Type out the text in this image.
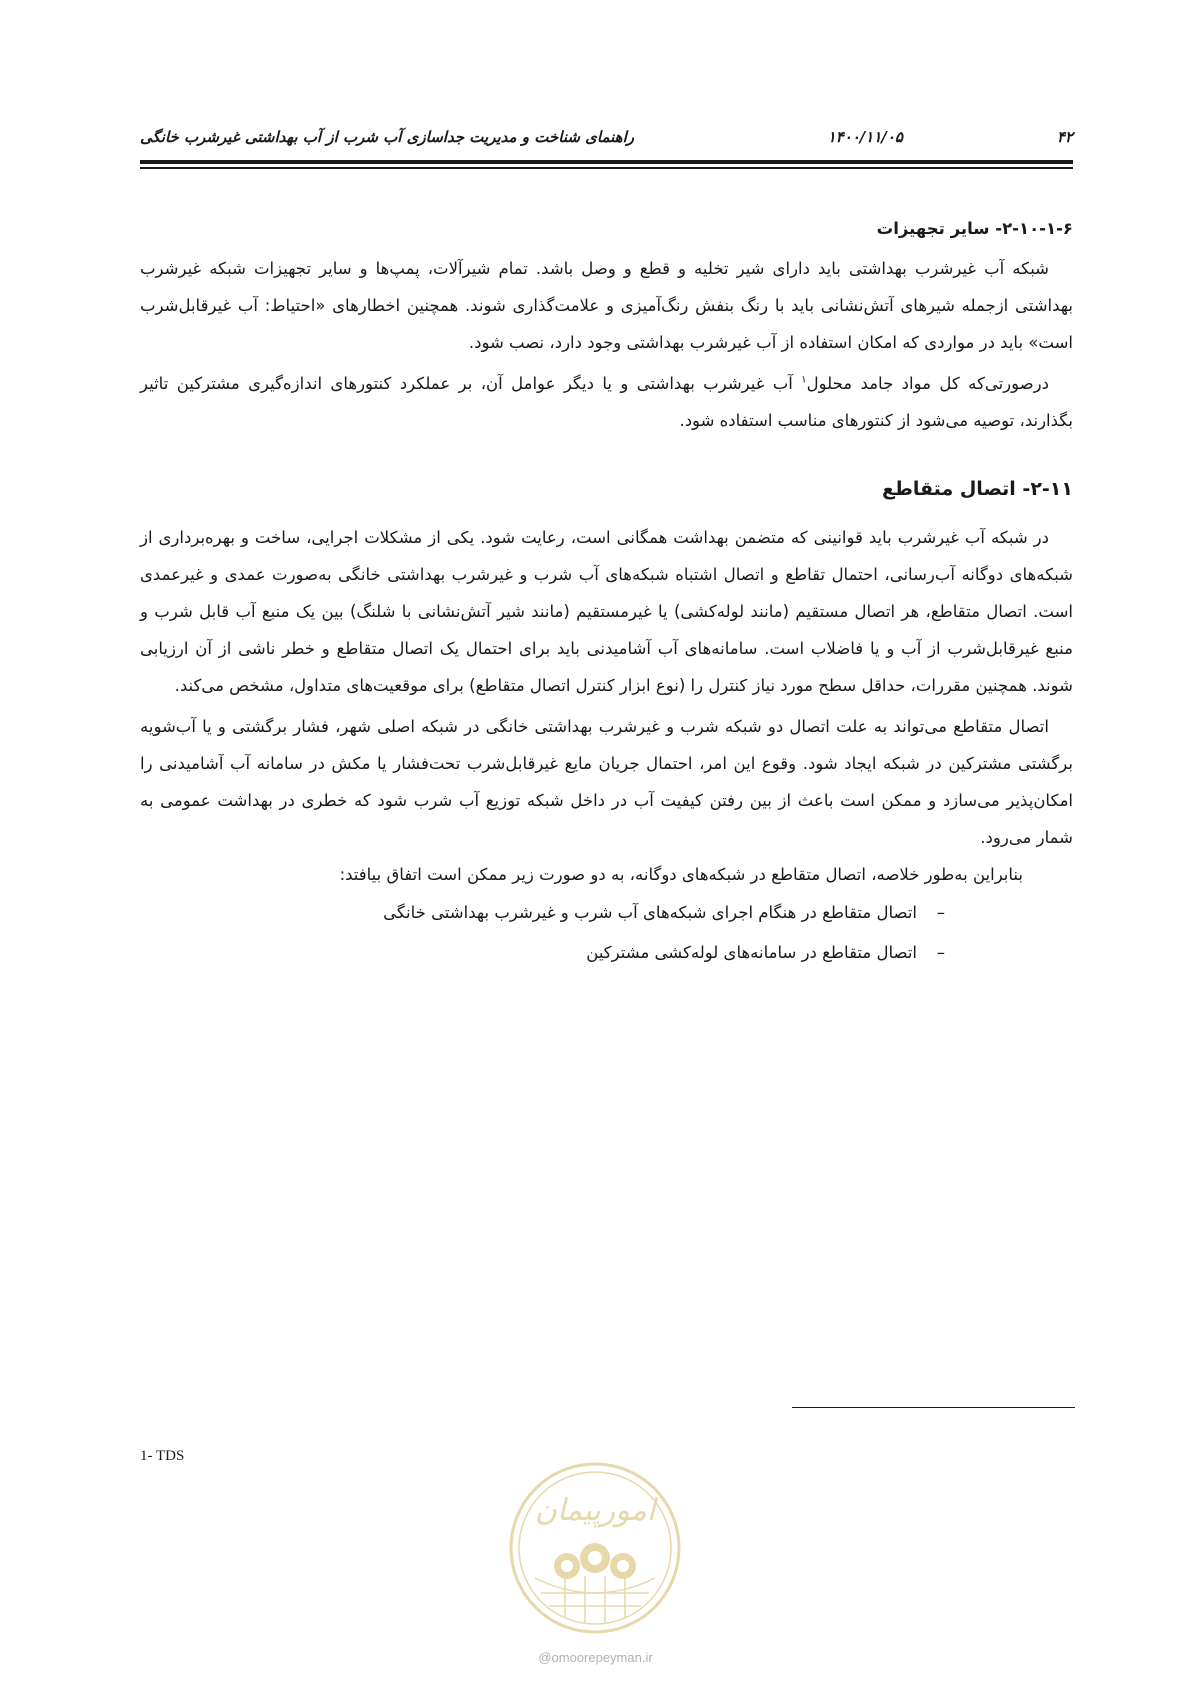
۴۲
۱۴۰۰/۱۱/۰۵
راهنمای شناخت و مدیریت جداسازی آب شرب از آب بهداشتی غیرشرب خانگی
۲-۱۰-۱-۶- سایر تجهیزات

شبکه آب غیرشرب بهداشتی باید دارای شیر تخلیه و قطع و وصل باشد. تمام شیرآلات، پمپ‌ها و سایر تجهیزات شبکه غیرشرب بهداشتی ازجمله شیرهای آتش‌نشانی باید با رنگ بنفش رنگ‌آمیزی و علامت‌گذاری شوند. همچنین اخطارهای «احتیاط: آب غیرقابل‌شرب است» باید در مواردی که امکان استفاده از آب غیرشرب بهداشتی وجود دارد، نصب شود.

درصورتی‌که کل مواد جامد محلول$^۱$ آب غیرشرب بهداشتی و یا دیگر عوامل آن، بر عملکرد کنتورهای اندازه‌گیری مشترکین تاثیر بگذارند، توصیه می‌شود از کنتورهای مناسب استفاده شود.

۲-۱۱- اتصال متقاطع

در شبکه آب غیرشرب باید قوانینی که متضمن بهداشت همگانی است، رعایت شود. یکی از مشکلات اجرایی، ساخت و بهره‌برداری از شبکه‌های دوگانه آب‌رسانی، احتمال تقاطع و اتصال اشتباه شبکه‌های آب شرب و غیرشرب بهداشتی خانگی به‌صورت عمدی و غیرعمدی است. اتصال متقاطع، هر اتصال مستقیم (مانند لوله‌کشی) یا غیرمستقیم (مانند شیر آتش‌نشانی با شلنگ) بین یک منبع آب قابل شرب و منبع غیرقابل‌شرب از آب و یا فاضلاب است. سامانه‌های آب آشامیدنی باید برای احتمال یک اتصال متقاطع و خطر ناشی از آن ارزیابی شوند. همچنین مقررات، حداقل سطح مورد نیاز کنترل را (نوع ابزار کنترل اتصال متقاطع) برای موقعیت‌های متداول، مشخص می‌کند.

اتصال متقاطع می‌تواند به علت اتصال دو شبکه شرب و غیرشرب بهداشتی خانگی در شبکه اصلی شهر، فشار برگشتی و یا آب‌شویه برگشتی مشترکین در شبکه ایجاد شود. وقوع این امر، احتمال جریان مایع غیرقابل‌شرب تحت‌فشار یا مکش در سامانه آب آشامیدنی را امکان‌پذیر می‌سازد و ممکن است باعث از بین رفتن کیفیت آب در داخل شبکه توزیع آب شرب شود که خطری در بهداشت عمومی به شمار می‌رود.

بنابراین به‌طور خلاصه، اتصال متقاطع در شبکه‌های دوگانه، به دو صورت زیر ممکن است اتفاق بیافتد:

–اتصال متقاطع در هنگام اجرای شبکه‌های آب شرب و غیرشرب بهداشتی خانگی
–اتصال متقاطع در سامانه‌های لوله‌کشی مشترکین
1- TDS
امورپیمان
@omoorepeyman.ir
